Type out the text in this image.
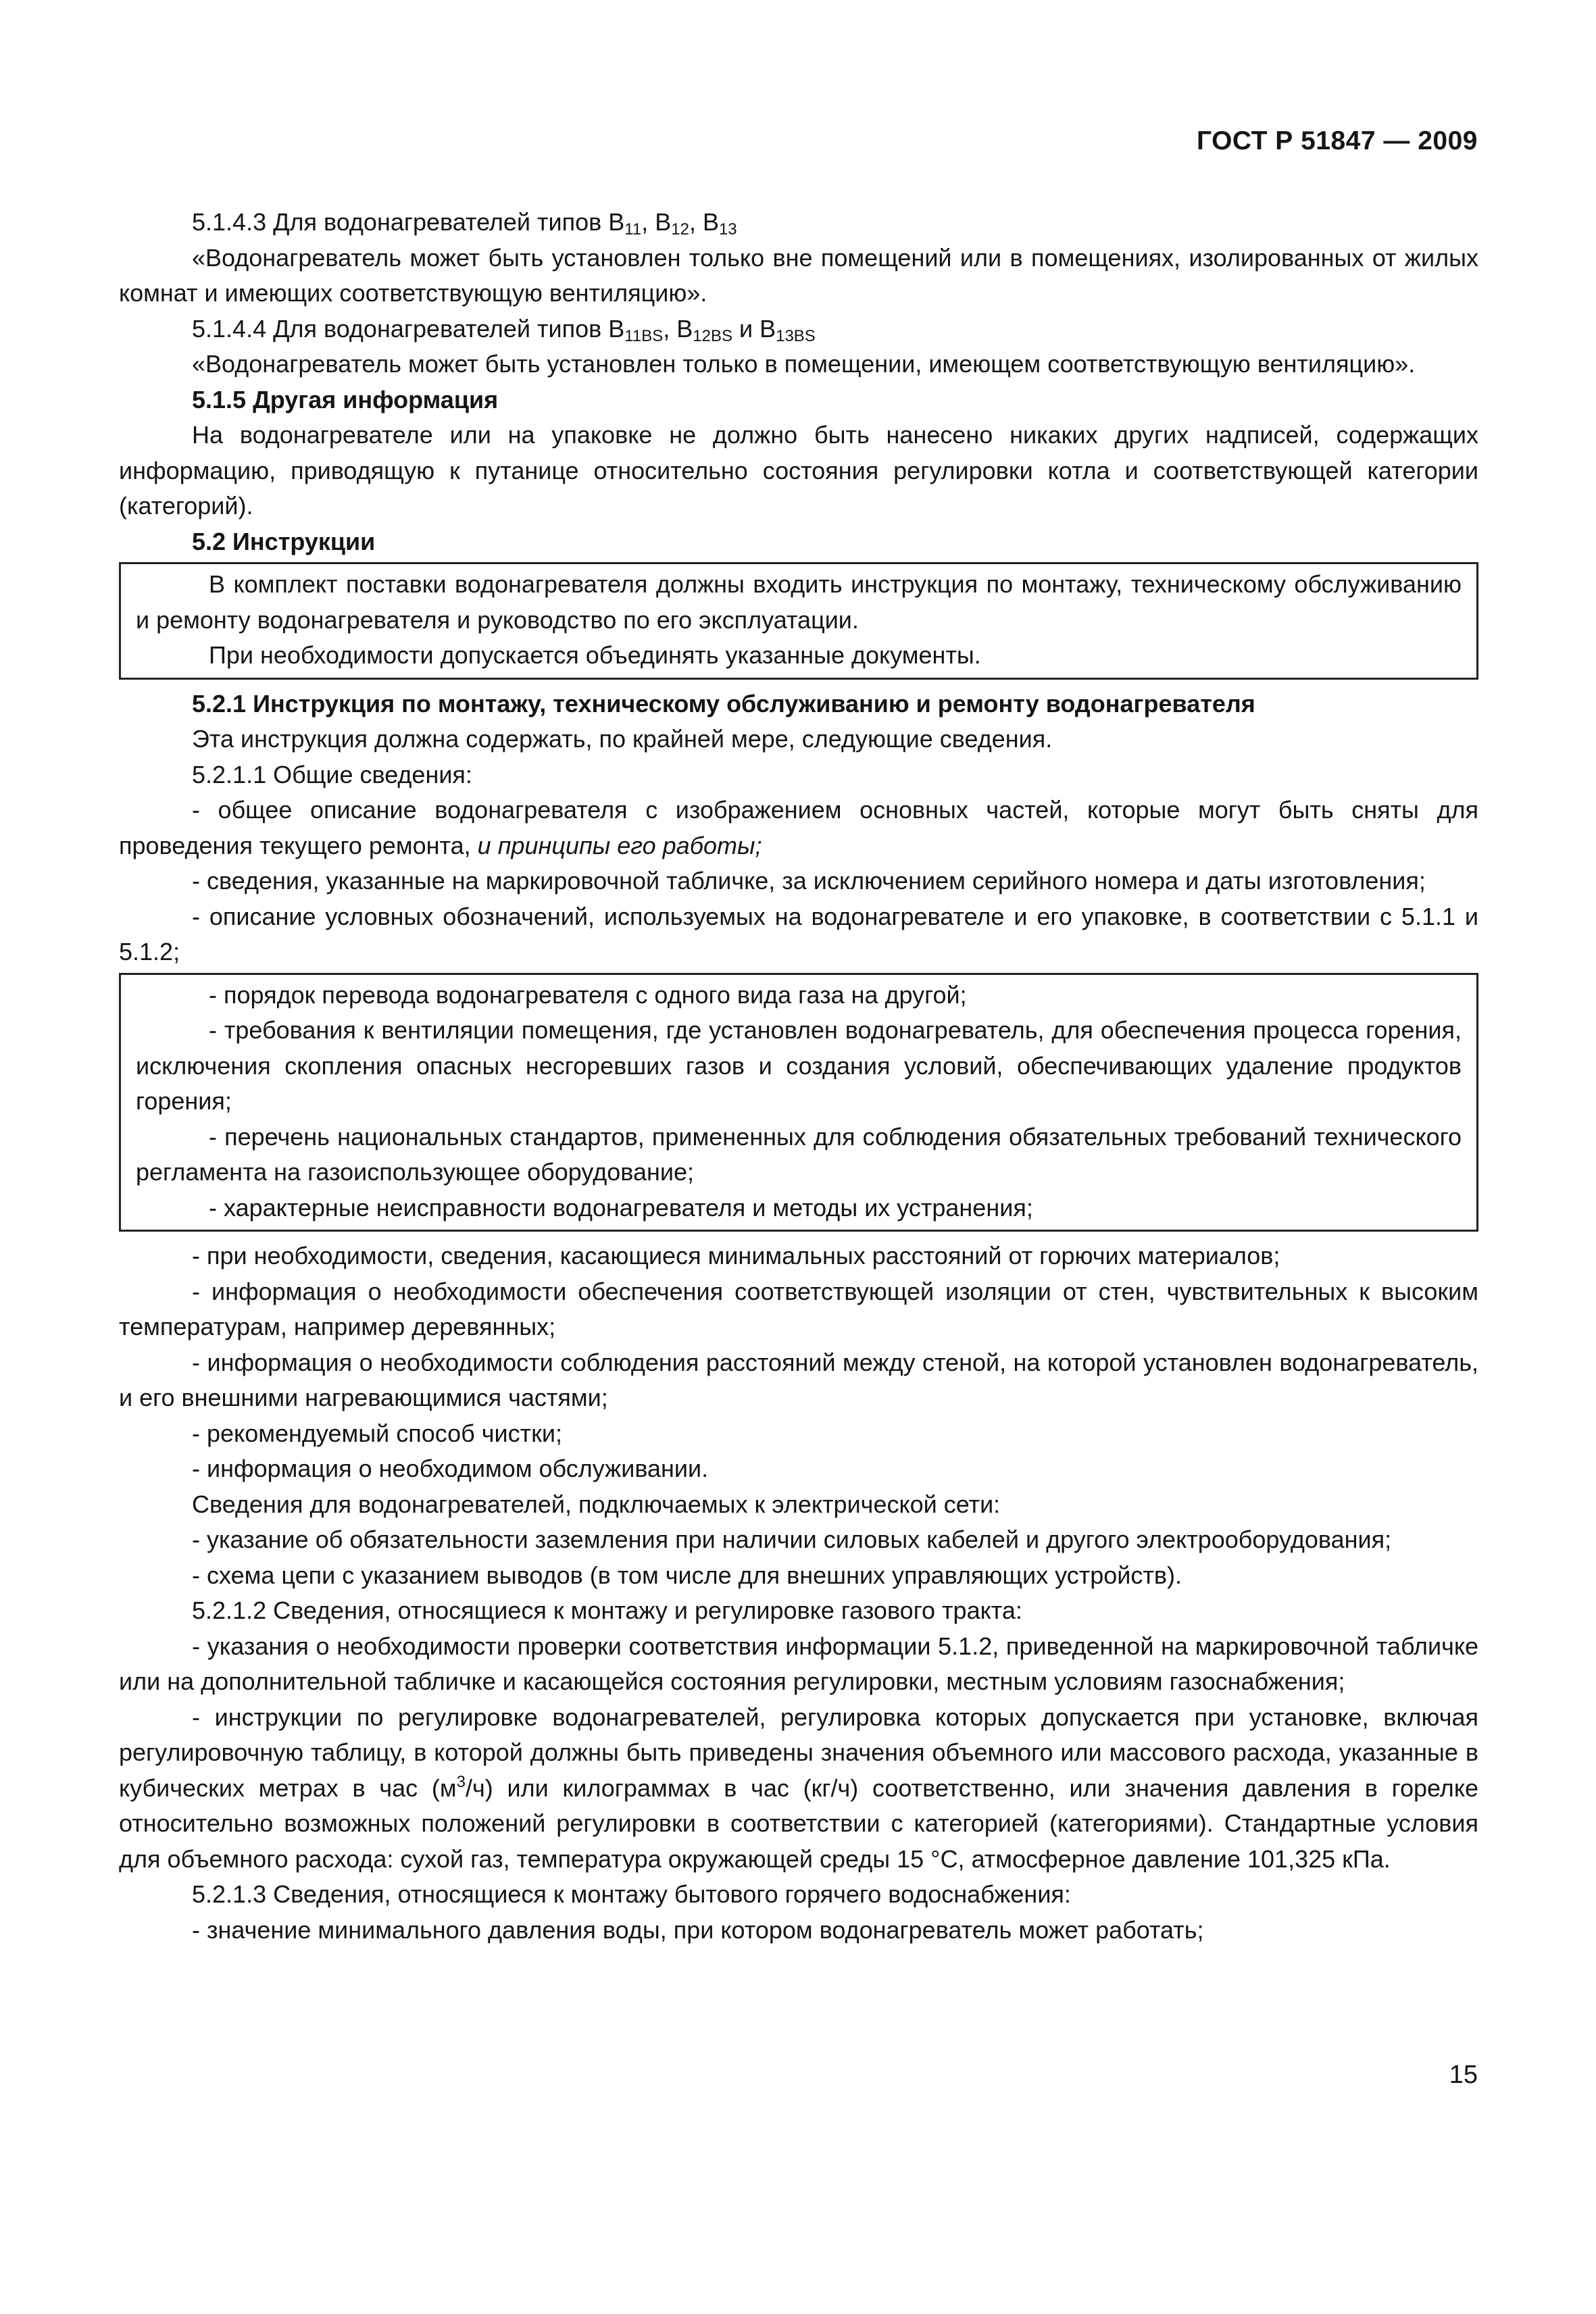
ГОСТ Р 51847 — 2009

5.1.4.3 Для водонагревателей типов $B_{11}$, $B_{12}$, $B_{13}$

«Водонагреватель может быть установлен только вне помещений или в помещениях, изолированных от жилых комнат и имеющих соответствующую вентиляцию».

5.1.4.4 Для водонагревателей типов $B_{11BS}$, $B_{12BS}$ и $B_{13BS}$

«Водонагреватель может быть установлен только в помещении, имеющем соответствующую вентиляцию».

5.1.5 Другая информация

На водонагревателе или на упаковке не должно быть нанесено никаких других надписей, содержащих информацию, приводящую к путанице относительно состояния регулировки котла и соответствующей категории (категорий).

5.2 Инструкции

В комплект поставки водонагревателя должны входить инструкция по монтажу, техническому обслуживанию и ремонту водонагревателя и руководство по его эксплуатации.

При необходимости допускается объединять указанные документы.

5.2.1 Инструкция по монтажу, техническому обслуживанию и ремонту водонагревателя

Эта инструкция должна содержать, по крайней мере, следующие сведения.

5.2.1.1 Общие сведения:

- общее описание водонагревателя с изображением основных частей, которые могут быть сняты для проведения текущего ремонта, и принципы его работы;

- сведения, указанные на маркировочной табличке, за исключением серийного номера и даты изготовления;

- описание условных обозначений, используемых на водонагревателе и его упаковке, в соответствии с 5.1.1 и 5.1.2;

- порядок перевода водонагревателя с одного вида газа на другой;

- требования к вентиляции помещения, где установлен водонагреватель, для обеспечения процесса горения, исключения скопления опасных несгоревших газов и создания условий, обеспечивающих удаление продуктов горения;

- перечень национальных стандартов, примененных для соблюдения обязательных требований технического регламента на газоиспользующее оборудование;

- характерные неисправности водонагревателя и методы их устранения;

- при необходимости, сведения, касающиеся минимальных расстояний от горючих материалов;

- информация о необходимости обеспечения соответствующей изоляции от стен, чувствительных к высоким температурам, например деревянных;

- информация о необходимости соблюдения расстояний между стеной, на которой установлен водонагреватель, и его внешними нагревающимися частями;

- рекомендуемый способ чистки;

- информация о необходимом обслуживании.

Сведения для водонагревателей, подключаемых к электрической сети:

- указание об обязательности заземления при наличии силовых кабелей и другого электрооборудования;

- схема цепи с указанием выводов (в том числе для внешних управляющих устройств).

5.2.1.2 Сведения, относящиеся к монтажу и регулировке газового тракта:

- указания о необходимости проверки соответствия информации 5.1.2, приведенной на маркировочной табличке или на дополнительной табличке и касающейся состояния регулировки, местным условиям газоснабжения;

- инструкции по регулировке водонагревателей, регулировка которых допускается при установке, включая регулировочную таблицу, в которой должны быть приведены значения объемного или массового расхода, указанные в кубических метрах в час $(м^3/ч)$ или килограммах в час (кг/ч) соответственно, или значения давления в горелке относительно возможных положений регулировки в соответствии с категорией (категориями). Стандартные условия для объемного расхода: сухой газ, температура окружающей среды 15 °С, атмосферное давление 101,325 кПа.

5.2.1.3 Сведения, относящиеся к монтажу бытового горячего водоснабжения:

- значение минимального давления воды, при котором водонагреватель может работать;

15
